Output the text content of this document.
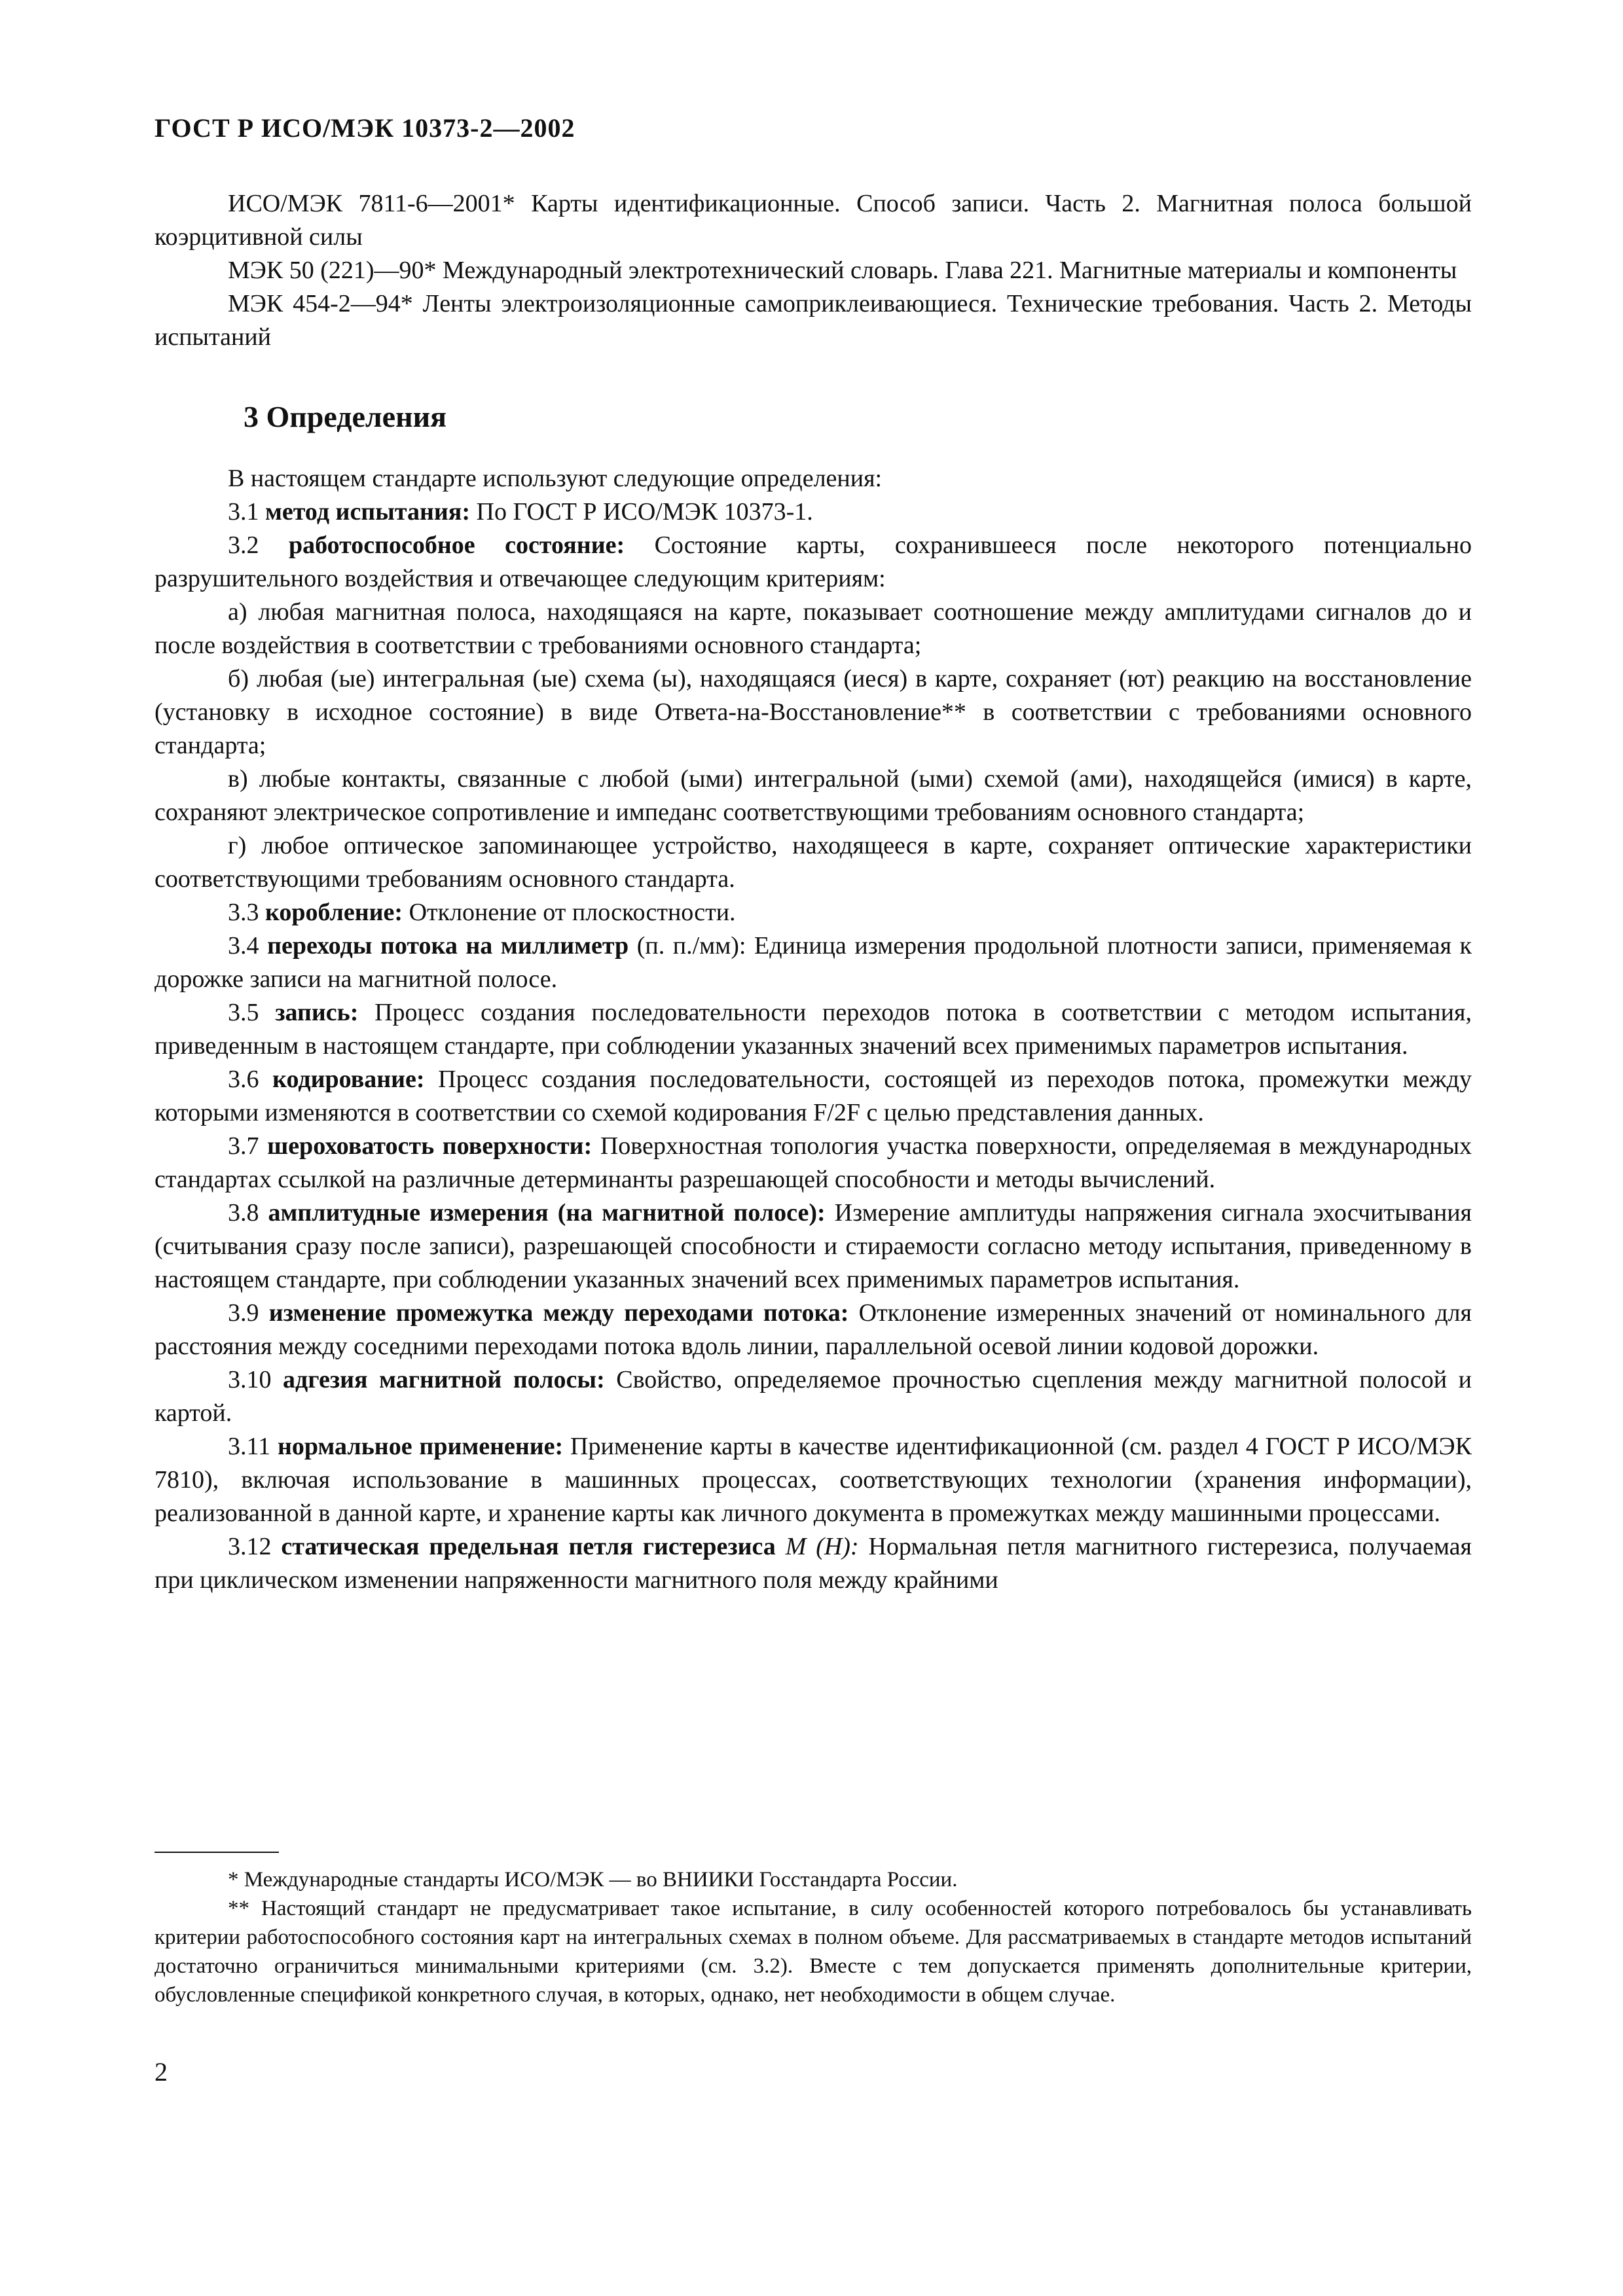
ГОСТ Р ИСО/МЭК 10373-2—2002

ИСО/МЭК 7811-6—2001* Карты идентификационные. Способ записи. Часть 2. Магнитная полоса большой коэрцитивной силы

МЭК 50 (221)—90* Международный электротехнический словарь. Глава 221. Магнитные материалы и компоненты

МЭК 454-2—94* Ленты электроизоляционные самоприклеивающиеся. Технические требования. Часть 2. Методы испытаний

3 Определения

В настоящем стандарте используют следующие определения:

3.1 метод испытания: По ГОСТ Р ИСО/МЭК 10373-1.

3.2 работоспособное состояние: Состояние карты, сохранившееся после некоторого потенциально разрушительного воздействия и отвечающее следующим критериям:

а) любая магнитная полоса, находящаяся на карте, показывает соотношение между амплитудами сигналов до и после воздействия в соответствии с требованиями основного стандарта;

б) любая (ые) интегральная (ые) схема (ы), находящаяся (иеся) в карте, сохраняет (ют) реакцию на восстановление (установку в исходное состояние) в виде Ответа-на-Восстановление** в соответствии с требованиями основного стандарта;

в) любые контакты, связанные с любой (ыми) интегральной (ыми) схемой (ами), находящейся (имися) в карте, сохраняют электрическое сопротивление и импеданс соответствующими требованиям основного стандарта;

г) любое оптическое запоминающее устройство, находящееся в карте, сохраняет оптические характеристики соответствующими требованиям основного стандарта.

3.3 коробление: Отклонение от плоскостности.

3.4 переходы потока на миллиметр (п. п./мм): Единица измерения продольной плотности записи, применяемая к дорожке записи на магнитной полосе.

3.5 запись: Процесс создания последовательности переходов потока в соответствии с методом испытания, приведенным в настоящем стандарте, при соблюдении указанных значений всех применимых параметров испытания.

3.6 кодирование: Процесс создания последовательности, состоящей из переходов потока, промежутки между которыми изменяются в соответствии со схемой кодирования F/2F с целью представления данных.

3.7 шероховатость поверхности: Поверхностная топология участка поверхности, определяемая в международных стандартах ссылкой на различные детерминанты разрешающей способности и методы вычислений.

3.8 амплитудные измерения (на магнитной полосе): Измерение амплитуды напряжения сигнала эхосчитывания (считывания сразу после записи), разрешающей способности и стираемости согласно методу испытания, приведенному в настоящем стандарте, при соблюдении указанных значений всех применимых параметров испытания.

3.9 изменение промежутка между переходами потока: Отклонение измеренных значений от номинального для расстояния между соседними переходами потока вдоль линии, параллельной осевой линии кодовой дорожки.

3.10 адгезия магнитной полосы: Свойство, определяемое прочностью сцепления между магнитной полосой и картой.

3.11 нормальное применение: Применение карты в качестве идентификационной (см. раздел 4 ГОСТ Р ИСО/МЭК 7810), включая использование в машинных процессах, соответствующих технологии (хранения информации), реализованной в данной карте, и хранение карты как личного документа в промежутках между машинными процессами.

3.12 статическая предельная петля гистерезиса M (H): Нормальная петля магнитного гистерезиса, получаемая при циклическом изменении напряженности магнитного поля между крайними

* Международные стандарты ИСО/МЭК — во ВНИИКИ Госстандарта России.

** Настоящий стандарт не предусматривает такое испытание, в силу особенностей которого потребовалось бы устанавливать критерии работоспособного состояния карт на интегральных схемах в полном объеме. Для рассматриваемых в стандарте методов испытаний достаточно ограничиться минимальными критериями (см. 3.2). Вместе с тем допускается применять дополнительные критерии, обусловленные спецификой конкретного случая, в которых, однако, нет необходимости в общем случае.

2
